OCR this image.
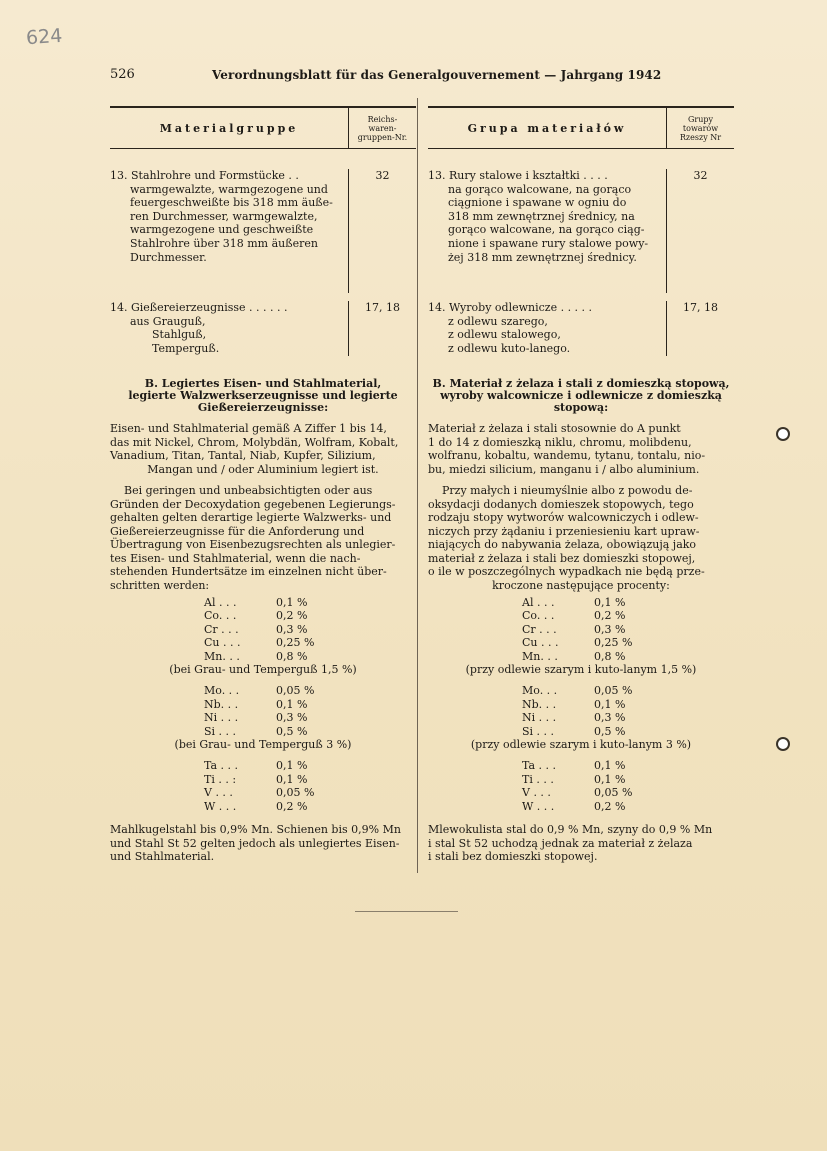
624
526	Verordnungsblatt für das Generalgouvernement — Jahrgang 1942
Materialgruppe
Reichs-
waren-
gruppen-Nr.
13. Stahlrohre und Formstücke . .
warmgewalzte, warmgezogene und
feuergeschweißte bis 318 mm äuße-
ren Durchmesser, warmgewalzte,
warmgezogene und geschweißte
Stahlrohre über 318 mm äußeren
Durchmesser.
32
14. Gießereierzeugnisse . . . . . .
aus Grauguß,
Stahlguß,
Temperguß.
17, 18
Grupa materiałów
Grupy
towarów
Rzeszy Nr
13. Rury stalowe i kształtki . . . .
na gorąco walcowane, na gorąco
ciągnione i spawane w ogniu do
318 mm zewnętrznej średnicy, na
gorąco walcowane, na gorąco ciąg-
nione i spawane rury stalowe powy-
żej 318 mm zewnętrznej średnicy.
32
14. Wyroby odlewnicze . . . . .
z odlewu szarego,
z odlewu stalowego,
z odlewu kuto-lanego.
17, 18
B. Legiertes Eisen- und Stahlmaterial,
legierte Walzwerkserzeugnisse und legierte
Gießereierzeugnisse:
Eisen- und Stahlmaterial gemäß A Ziffer 1 bis 14,
das mit Nickel, Chrom, Molybdän, Wolfram, Kobalt,
Vanadium, Titan, Tantal, Niab, Kupfer, Silizium,
Mangan und / oder Aluminium legiert ist.
Bei geringen und unbeabsichtigten oder aus
Gründen der Decoxydation gegebenen Legierungs-
gehalten gelten derartige legierte Walzwerks- und
Gießereierzeugnisse für die Anforderung und
Übertragung von Eisenbezugsrechten als unlegier-
tes Eisen- und Stahlmaterial, wenn die nach-
stehenden Hundertsätze im einzelnen nicht über-
schritten werden:
Al . . .	0,1 %
Co. . .	0,2 %
Cr . . .	0,3 %
Cu . . .	0,25 %
Mn. . .	0,8 %
(bei Grau- und Temperguß 1,5 %)
Mo. . .	0,05 %
Nb. . .	0,1 %
Ni . . .	0,3 %
Si . . .	0,5 %
(bei Grau- und Temperguß 3 %)
Ta . . .	0,1 %
Ti . . :	0,1 %
V . . .	0,05 %
W . . .	0,2 %
Mahlkugelstahl bis 0,9% Mn. Schienen bis 0,9% Mn
und Stahl St 52 gelten jedoch als unlegiertes Eisen-
und Stahlmaterial.
B. Materiał z żelaza i stali z domieszką stopową,
wyroby walcownicze i odlewnicze z domieszką
stopową:
Materiał z żelaza i stali stosownie do A punkt
1 do 14 z domieszką niklu, chromu, molibdenu,
wolfranu, kobaltu, wandemu, tytanu, tontalu, nio-
bu, miedzi silicium, manganu i / albo aluminium.
Przy małych i nieumyślnie albo z powodu de-
oksydacji dodanych domieszek stopowych, tego
rodzaju stopy wytworów walcowniczych i odlew-
niczych przy żądaniu i przeniesieniu kart upraw-
niających do nabywania żelaza, obowiązują jako
materiał z żelaza i stali bez domieszki stopowej,
o ile w poszczególnych wypadkach nie będą prze-
kroczone następujące procenty:
Al . . .	0,1 %
Co. . .	0,2 %
Cr . . .	0,3 %
Cu . . .	0,25 %
Mn. . .	0,8 %
(przy odlewie szarym i kuto-lanym 1,5 %)
Mo. . .	0,05 %
Nb. . .	0,1 %
Ni . . .	0,3 %
Si . . .	0,5 %
(przy odlewie szarym i kuto-lanym 3 %)
Ta . . .	0,1 %
Ti . . .	0,1 %
V . . .	0,05 %
W . . .	0,2 %
Mlewokulista stal do 0,9 % Mn, szyny do 0,9 % Mn
i stal St 52 uchodzą jednak za materiał z żelaza
i stali bez domieszki stopowej.
